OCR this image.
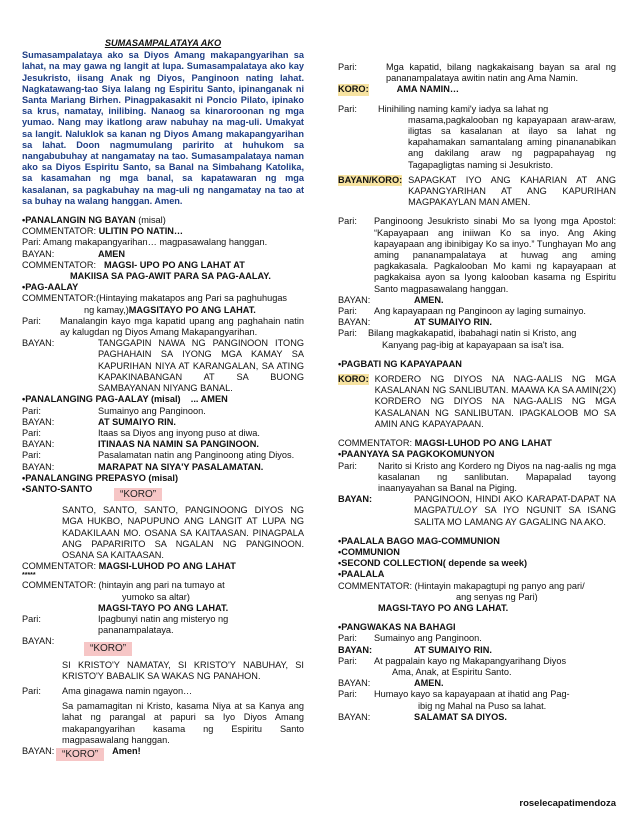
SUMASAMPALATAYA AKO
Sumasampalataya ako sa Diyos Amang makapangyarihan sa lahat, na may gawa ng langit at lupa. Sumasampalataya ako kay Jesukristo, iisang Anak ng Diyos, Panginoon nating lahat. Nagkatawang-tao Siya lalang ng Espiritu Santo, ipinanganak ni Santa Mariang Birhen. Pinagpakasakit ni Poncio Pilato, ipinako sa krus, namatay, inilibing. Nanaog sa kinaroroonan ng mga yumao. Nang may ikatlong araw nabuhay na mag-uli. Umakyat sa langit. Naluklok sa kanan ng Diyos Amang makapangyarihan sa lahat. Doon nagmumulang paririto at huhukom sa nangabubuhay at nangamatay na tao. Sumasampalataya naman ako sa Diyos Espiritu Santo, sa Banal na Simbahang Katolika, sa kasamahan ng mga banal, sa kapatawaran ng mga kasalanan, sa pagkabuhay na mag-uli ng nangamatay na tao at sa buhay na walang hanggan. Amen.
•PANALANGIN NG BAYAN (misal)
COMMENTATOR: ULITIN PO NATIN…
Pari: Amang makapangyarihan… magpasawalang hanggan.
BAYAN:	AMEN
COMMENTATOR: MAGSI- UPO PO ANG LAHAT AT
MAKIISA SA PAG-AWIT PARA SA PAG-AALAY.
•PAG-AALAY
COMMENTATOR:(Hintaying makatapos ang Pari sa paghuhugas
ng kamay,)MAGSITAYO PO ANG LAHAT.
Pari:	Manalangin kayo mga kapatid upang ang paghahain natin ay kalugdan ng Diyos Amang Makapangyarihan.
BAYAN:	TANGGAPIN NAWA NG PANGINOON ITONG PAGHAHAIN SA IYONG MGA KAMAY SA KAPURIHAN NIYA AT KARANGALAN, SA ATING KAPAKINABANGAN AT SA BUONG SAMBAYANAN NIYANG BANAL.
•PANALANGING PAG-AALAY (misal) ... AMEN
Pari:	Sumainyo ang Panginoon.
BAYAN:	AT SUMAIYO RIN.
Pari:	Itaas sa Diyos ang inyong puso at diwa.
BAYAN:	ITINAAS NA NAMIN SA PANGINOON.
Pari:	Pasalamatan natin ang Panginoong ating Diyos.
BAYAN:	MARAPAT NA SIYA'Y PASALAMATAN.
•PANALANGING PREPASYO (misal)
•SANTO-SANTO	“KORO”
SANTO, SANTO, SANTO, PANGINOONG DIYOS NG MGA HUKBO, NAPUPUNO ANG LANGIT AT LUPA NG KADAKILAAN MO. OSANA SA KAITAASAN. PINAGPALA ANG PAPARIRITO SA NGALAN NG PANGINOON. OSANA SA KAITAASAN.
COMMENTATOR: MAGSI-LUHOD PO ANG LAHAT
*****
COMMENTATOR: (hintayin ang pari na tumayo at
yumoko sa altar)
MAGSI-TAYO PO ANG LAHAT.
Pari:	Ipagbunyi natin ang misteryo ng pananampalataya.
BAYAN:
“KORO”
SI KRISTO'Y NAMATAY, SI KRISTO'Y NABUHAY, SI KRISTO'Y BABALIK SA WAKAS NG PANAHON.
Pari:	Ama ginagawa namin ngayon…
Sa pamamagitan ni Kristo, kasama Niya at sa Kanya ang lahat ng parangal at papuri sa Iyo Diyos Amang makapangyarihan kasama ng Espiritu Santo magpasawalang hanggan.
BAYAN: “KORO”	Amen!
Pari:	Mga kapatid, bilang nagkakaisang bayan sa aral ng pananampalataya awitin natin ang Ama Namin.
KORO:	AMA NAMIN…
Pari:	Hinihiling naming kami'y iadya sa lahat ng
masama,pagkalooban ng kapayapaan araw-araw, iligtas sa kasalanan at ilayo sa lahat ng kapahamakan samantalang aming pinananabikan ang dakilang araw ng pagpapahayag ng Tagapagligtas naming si Jesukristo.
BAYAN/KORO: SAPAGKAT IYO ANG KAHARIAN AT ANG KAPANGYARIHAN AT ANG KAPURIHAN MAGPAKAYLAN MAN AMEN.
Pari:	Panginoong Jesukristo sinabi Mo sa Iyong mga Apostol: “Kapayapaan ang iniiwan Ko sa inyo. Ang Aking kapayapaan ang ibinibigay Ko sa inyo.” Tunghayan Mo ang aming pananampalataya at huwag ang aming pagkakasala. Pagkalooban Mo kami ng kapayapaan at pagkakaisa ayon sa Iyong kalooban kasama ng Espiritu Santo magpasawalang hanggan.
BAYAN:	AMEN.
Pari:	Ang kapayapaan ng Panginoon ay laging sumainyo.
BAYAN:	AT SUMAIYO RIN.
Pari:	Bilang magkakapatid, ibabahagi natin si Kristo, ang
Kanyang pag-ibig at kapayapaan sa isa't isa.
•PAGBATI NG KAPAYAPAAN
KORO: KORDERO NG DIYOS NA NAG-AALIS NG MGA KASALANAN NG SANLIBUTAN. MAAWA KA SA AMIN(2X) KORDERO NG DIYOS NA NAG-AALIS NG MGA KASALANAN NG SANLIBUTAN. IPAGKALOOB MO SA AMIN ANG KAPAYAPAAN.
COMMENTATOR: MAGSI-LUHOD PO ANG LAHAT
•PAANYAYA SA PAGKOKOMUNYON
Pari:	Narito si Kristo ang Kordero ng Diyos na nag-aalis ng mga kasalanan ng sanlibutan. Mapapalad tayong inaanyayahan sa Banal na Piging.
BAYAN:	PANGINOON, HINDI AKO KARAPAT-DAPAT NA MAGPATULOY SA IYO NGUNIT SA ISANG SALITA MO LAMANG AY GAGALING NA AKO.
•PAALALA BAGO MAG-COMMUNION
•COMMUNION
•SECOND COLLECTION( depende sa week)
•PAALALA
COMMENTATOR: (Hintayin makapagtupi ng panyo ang pari/
ang senyas ng Pari)
MAGSI-TAYO PO ANG LAHAT.
•PANGWAKAS NA BAHAGI
Pari:	Sumainyo ang Panginoon.
BAYAN:	AT SUMAIYO RIN.
Pari:	At pagpalain kayo ng Makapangyarihang Diyos
Ama, Anak, at Espiritu Santo.
BAYAN:	AMEN.
Pari:	Humayo kayo sa kapayapaan at ihatid ang Pag-
ibig ng Mahal na Puso sa lahat.
BAYAN:	SALAMAT SA DIYOS.
roselecapatimendoza
